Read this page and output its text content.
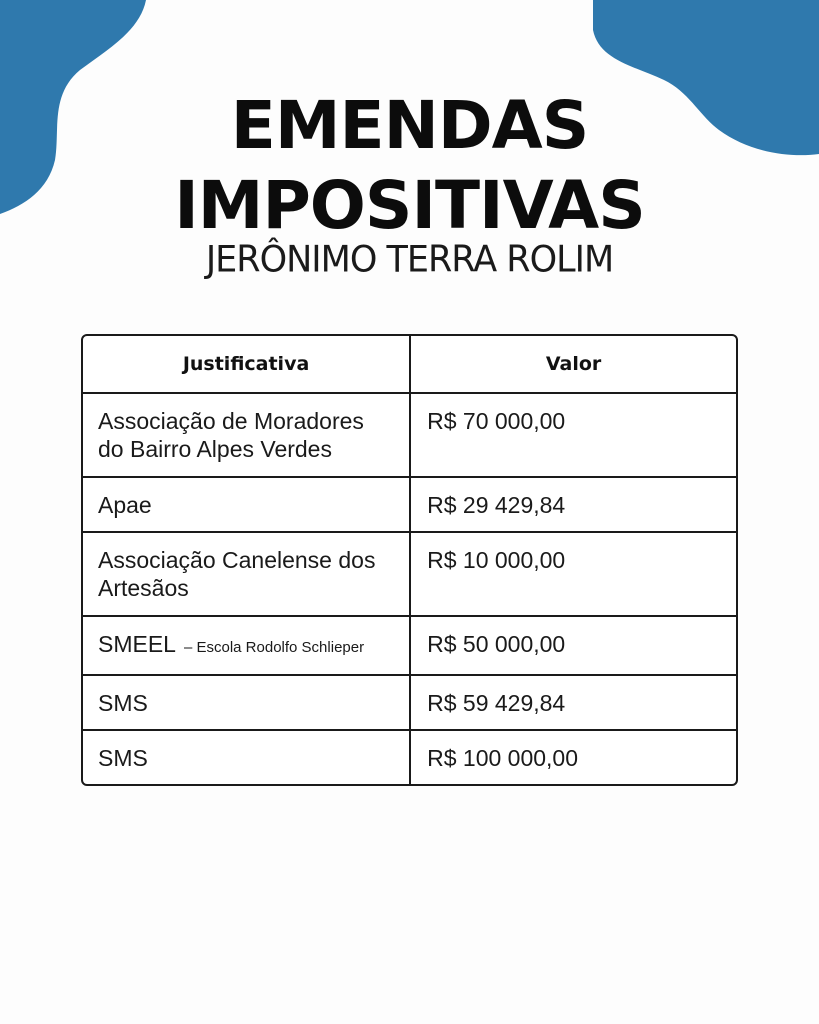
EMENDAS
IMPOSITIVAS
JERÔNIMO TERRA ROLIM
Justificativa	Valor

Associação de Moradores do Bairro Alpes Verdes	R$ 70 000,00

Apae	R$ 29 429,84

Associação Canelense dos Artesãos	R$ 10 000,00

SMEEL – Escola Rodolfo Schlieper	R$ 50 000,00

SMS	R$ 59 429,84

SMS	R$ 100 000,00
